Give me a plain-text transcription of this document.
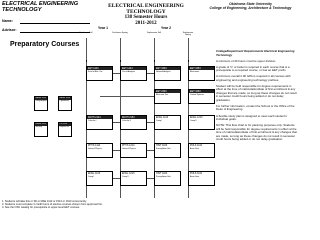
ELECTRICAL ENGINEERING TECHNOLOGY
ELECTRICAL ENGINEERING TECHNOLOGY
138 Semester Hours
2011-2012
Oklahoma State University
College of Engineering, Architecture & Technology
Name:
Advisor:
Preparatory Courses
Year 1	Year 2
Freshman Fall	Freshman Spring	Sophomore Fall	Sophomore Spring
EET 1104
Fund of Elec Circ
EET 1244
Circuit Analysis
EET 3304
Network Analysis
EET 3354
Electronics
EET 2303
Electronic Dev
EET 3263
Control Systems
MATH 1513
College Algebra
MATH 1613
Trigonometry
MATH 2144
Calculus I
MATH 2153
Calculus II
ENGL 1113
Comp I
ENGL 1213
Comp II
ENGR 1111
Intro Eng
CS 1113
Computer Sci
PHYS 1114
General Physics
PHYS 1214
General Physics
HIST 1103
Survey Amer Hist
POLS 1113
Amer Govt
ENGL 1113
Comp I
ENGL 1213
Comp II
HIST 1103
Survey Amer Hist
POLS 1113
Amer Govt

College/Department Requirements Electrical Engineering Technology

A minimum of 40 hours must be upper division.

A grade of 'C' or better is required in each course that is a prerequisite to a required course, or has an EET prefix.

A minimum overall 2.00 GPA is required in all courses with engineering and engineering technology prefixes.

Student will be held responsible for degree requirements in effect at the time of matriculation/date of first enrollment & any changes that are made, so long as these changes do not result in semester credit hours being added or do not delay graduation.

For further information, contact the School or the Office of the Dean of Engineering.

A flexible study plan is designed to meet each student's individual goals.

NOTE: This flow chart is for planning purposes only. Students will be held responsible for degree requirements in effect at the time of matriculation/date of first enrollment & any changes that are made, so long as these changes do not result in semester credit hours being added or do not delay graduation.

1. Students will take this or 3D or MAE 1112 or 1513 or 1613 concurrently.
2. Students must complete 3 credit hours of elective courses chosen from approved list.
3. See the OSU catalog for prerequisite to upper-level EET courses.
